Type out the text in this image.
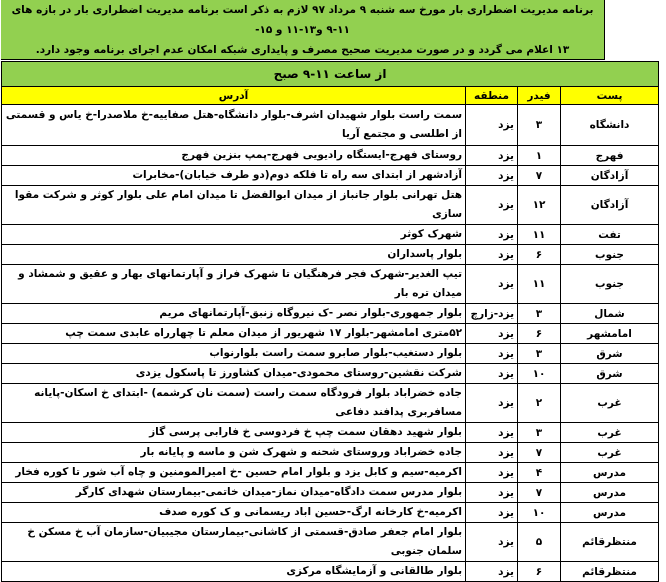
برنامه مدیریت اضطراری بار مورخ سه شنبه ۹ مرداد ۹۷ لازم به ذکر است برنامه مدیریت اضطراری بار در بازه های ۱۱-۹ و۱۳-۱۱ و ۱۵-
۱۳ اعلام می گردد و در صورت مدیریت صحیح مصرف و پایداری شبکه امکان عدم اجرای برنامه وجود دارد.
از ساعت ۱۱-۹ صبح			
پست	فیدر	منطقه	آدرس
دانشگاه	۳	یزد	سمت راست بلوار شهیدان اشرف-بلوار دانشگاه-هتل صفاییه-خ ملاصدرا-خ یاس و قسمتی از اطلسی و مجتمع آریا
فهرج	۱	یزد	روستای فهرج-ایستگاه رادیویی فهرج-پمپ بنزین فهرج
آزادگان	۷	یزد	آزادشهر از ابتدای سه راه تا فلکه دوم(دو طرف خیابان)-مخابرات
آزادگان	۱۲	یزد	هتل تهرانی بلوار جانباز از میدان ابوالفضل تا میدان امام علی بلوار کوثر و شرکت مقوا سازی
تفت	۱۱	یزد	شهرک کوثر
جنوب	۶	یزد	بلوار پاسداران
جنوب	۱۱	یزد	تیپ الغدیر-شهرک فجر فرهنگیان تا شهرک فراز و آپارتمانهای بهار و عقیق و شمشاد و میدان تره بار
شمال	۳	یزد-زارچ	بلوار جمهوری-بلوار نصر -ک نیروگاه زنبق-آپارتمانهای مریم
امامشهر	۶	یزد	۵۲متری امامشهر-بلوار ۱۷ شهریور از میدان معلم تا چهارراه عابدی سمت چپ
شرق	۳	یزد	بلوار دستغیب-بلوار صابرو سمت راست بلوارنواب
شرق	۱۰	یزد	شرکت نقشین-روستای محمودی-میدان کشاورز تا پاسکول یزدی
غرب	۲	یزد	جاده خضراباد بلوار فرودگاه سمت راست (سمت نان کرشمه) -ابتدای خ اسکان-پایانه مسافربری پدافند دفاعی
غرب	۳	یزد	بلوار شهید دهقان سمت چپ خ فردوسی خ فارابی پرسی گاز
غرب	۷	یزد	جاده خضراباد وروستای شحنه و شهرک شن و ماسه و پایانه بار
مدرس	۴	یزد	اکرمیه-سیم و کابل یزد و بلوار امام حسین -خ امیرالمومنین و چاه آب شور تا کوره فخار
مدرس	۷	یزد	بلوار مدرس سمت دادگاه-میدان نماز-میدان خاتمی-بیمارستان شهدای کارگر
مدرس	۱۰	یزد	اکرمیه-خ کارخانه ارگ-حسین اباد ریسمانی و ک کوره صدف
منتظرقائم	۵	یزد	بلوار امام جعفر صادق-قسمتی از کاشانی-بیمارستان مجیبیان-سازمان آب خ مسکن خ سلمان جنوبی
منتظرقائم	۶	یزد	بلوار طالقانی و آزمایشگاه مرکزی
